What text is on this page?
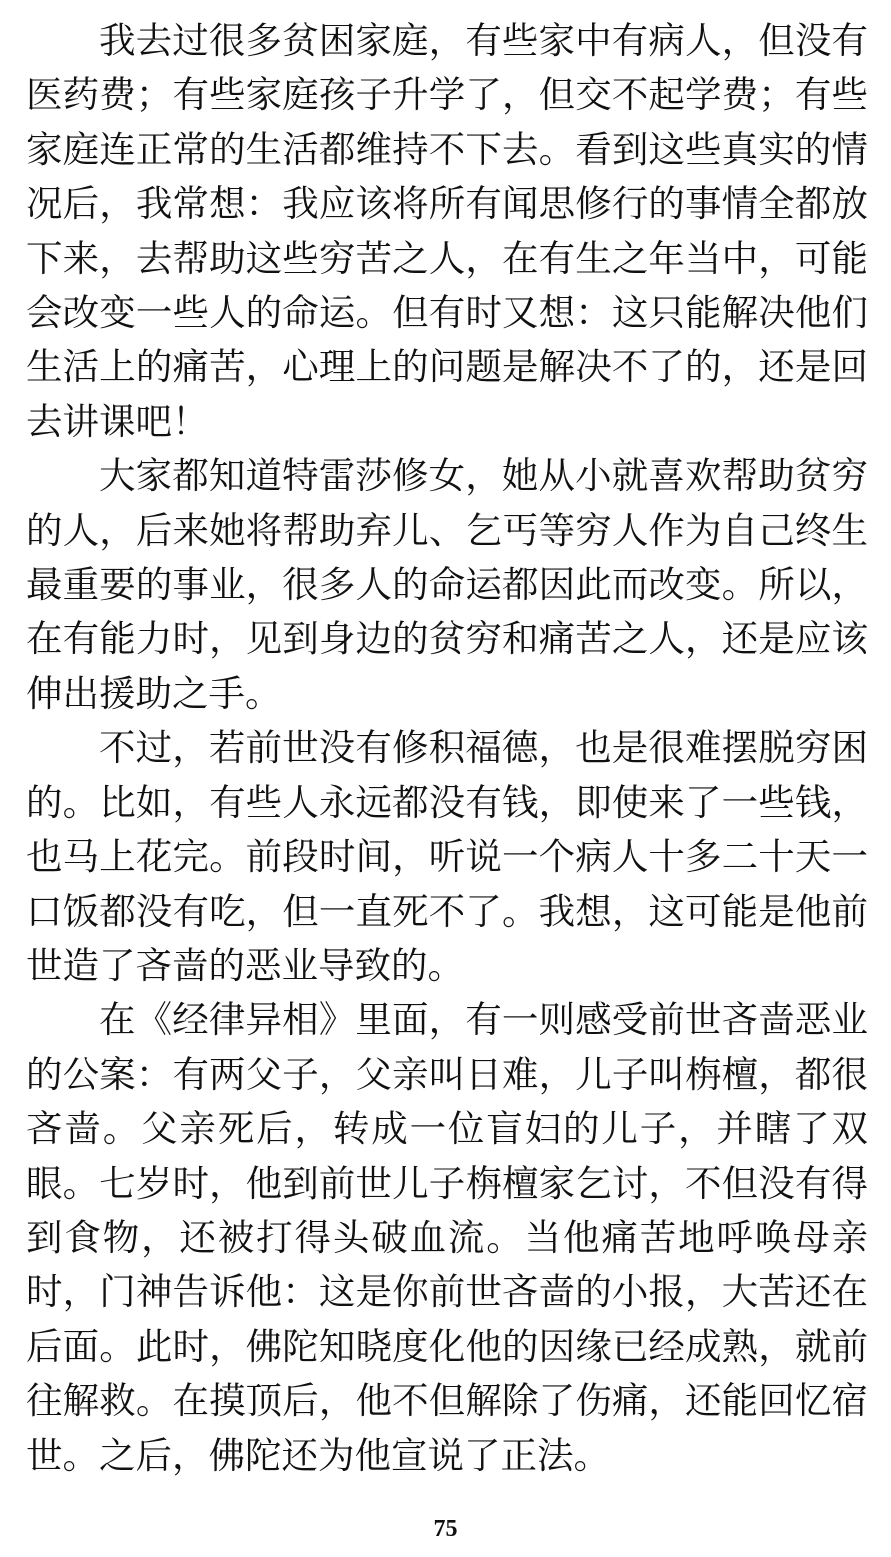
我去过很多贫困家庭，有些家中有病人，但没有医药费；有些家庭孩子升学了，但交不起学费；有些家庭连正常的生活都维持不下去。看到这些真实的情况后，我常想：我应该将所有闻思修行的事情全都放下来，去帮助这些穷苦之人，在有生之年当中，可能会改变一些人的命运。但有时又想：这只能解决他们生活上的痛苦，心理上的问题是解决不了的，还是回去讲课吧！

大家都知道特雷莎修女，她从小就喜欢帮助贫穷的人，后来她将帮助弃儿、乞丐等穷人作为自己终生最重要的事业，很多人的命运都因此而改变。所以，在有能力时，见到身边的贫穷和痛苦之人，还是应该伸出援助之手。

不过，若前世没有修积福德，也是很难摆脱穷困的。比如，有些人永远都没有钱，即使来了一些钱，也马上花完。前段时间，听说一个病人十多二十天一口饭都没有吃，但一直死不了。我想，这可能是他前世造了吝啬的恶业导致的。

在《经律异相》里面，有一则感受前世吝啬恶业的公案：有两父子，父亲叫日难，儿子叫栴檀，都很吝啬。父亲死后，转成一位盲妇的儿子，并瞎了双眼。七岁时，他到前世儿子栴檀家乞讨，不但没有得到食物，还被打得头破血流。当他痛苦地呼唤母亲时，门神告诉他：这是你前世吝啬的小报，大苦还在后面。此时，佛陀知晓度化他的因缘已经成熟，就前往解救。在摸顶后，他不但解除了伤痛，还能回忆宿世。之后，佛陀还为他宣说了正法。

75
